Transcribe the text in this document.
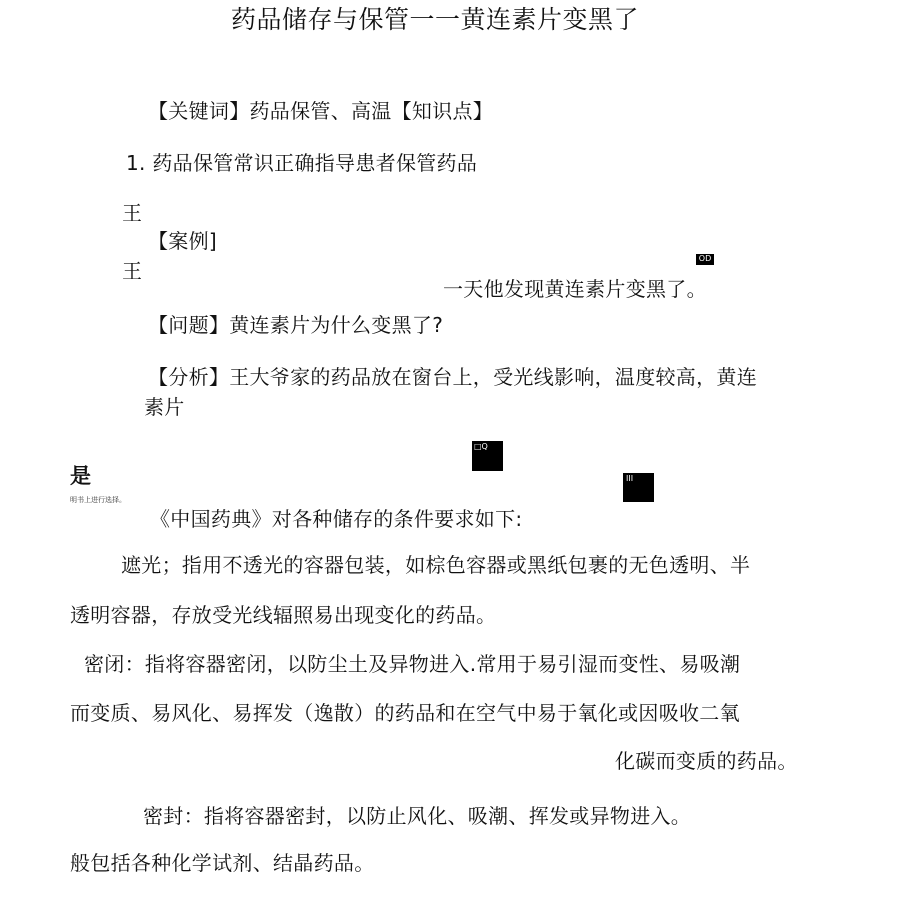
药品储存与保管一一黄连素片变黑了
【关键词】药品保管、高温【知识点】
1. 药品保管常识正确指导患者保管药品
王
【案例]
王
OD
一天他发现黄连素片变黑了。
【问题】黄连素片为什么变黑了?
【分析】王大爷家的药品放在窗台上，受光线影响，温度较高，黄连
素片
□Q
是	III
明书上进行选择。
《中国药典》对各种储存的条件要求如下:
遮光；指用不透光的容器包装，如棕色容器或黑纸包裹的无色透明、半
透明容器，存放受光线辐照易出现变化的药品。
密闭：指将容器密闭，以防尘土及异物进入.常用于易引湿而变性、易吸潮
而变质、易风化、易挥发（逸散）的药品和在空气中易于氧化或因吸收二氧
化碳而变质的药品。
密封：指将容器密封，以防止风化、吸潮、挥发或异物进入。
般包括各种化学试剂、结晶药品。
